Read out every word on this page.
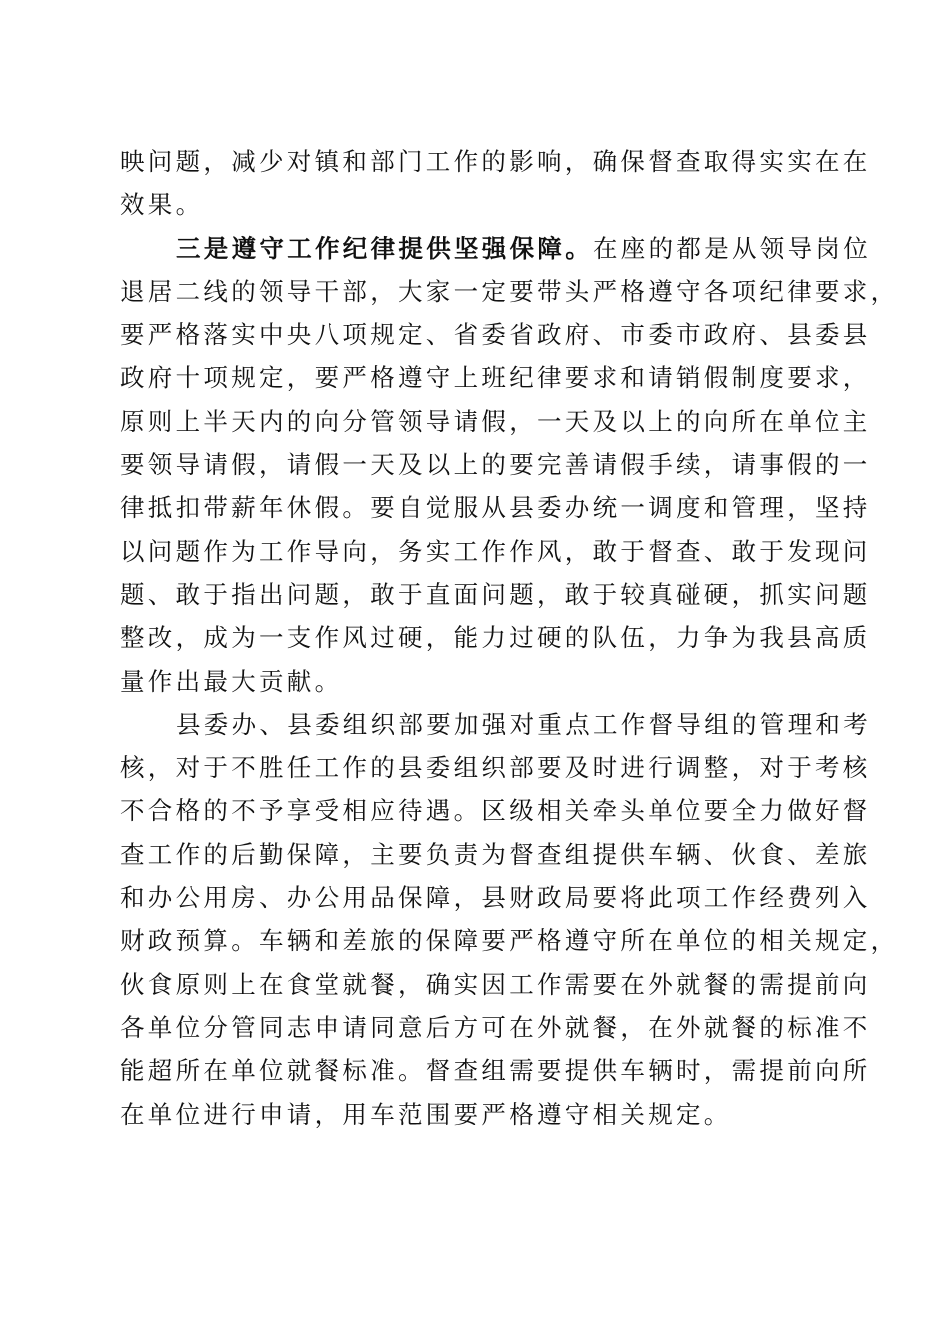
映问题，减少对镇和部门工作的影响，确保督查取得实实在在
效果。
三是遵守工作纪律提供坚强保障。在座的都是从领导岗位
退居二线的领导干部，大家一定要带头严格遵守各项纪律要求，
要严格落实中央八项规定、省委省政府、市委市政府、县委县
政府十项规定，要严格遵守上班纪律要求和请销假制度要求，
原则上半天内的向分管领导请假，一天及以上的向所在单位主
要领导请假，请假一天及以上的要完善请假手续，请事假的一
律抵扣带薪年休假。要自觉服从县委办统一调度和管理，坚持
以问题作为工作导向，务实工作作风，敢于督查、敢于发现问
题、敢于指出问题，敢于直面问题，敢于较真碰硬，抓实问题
整改，成为一支作风过硬，能力过硬的队伍，力争为我县高质
量作出最大贡献。
县委办、县委组织部要加强对重点工作督导组的管理和考
核，对于不胜任工作的县委组织部要及时进行调整，对于考核
不合格的不予享受相应待遇。区级相关牵头单位要全力做好督
查工作的后勤保障，主要负责为督查组提供车辆、伙食、差旅
和办公用房、办公用品保障，县财政局要将此项工作经费列入
财政预算。车辆和差旅的保障要严格遵守所在单位的相关规定，
伙食原则上在食堂就餐，确实因工作需要在外就餐的需提前向
各单位分管同志申请同意后方可在外就餐，在外就餐的标准不
能超所在单位就餐标准。督查组需要提供车辆时，需提前向所
在单位进行申请，用车范围要严格遵守相关规定。
